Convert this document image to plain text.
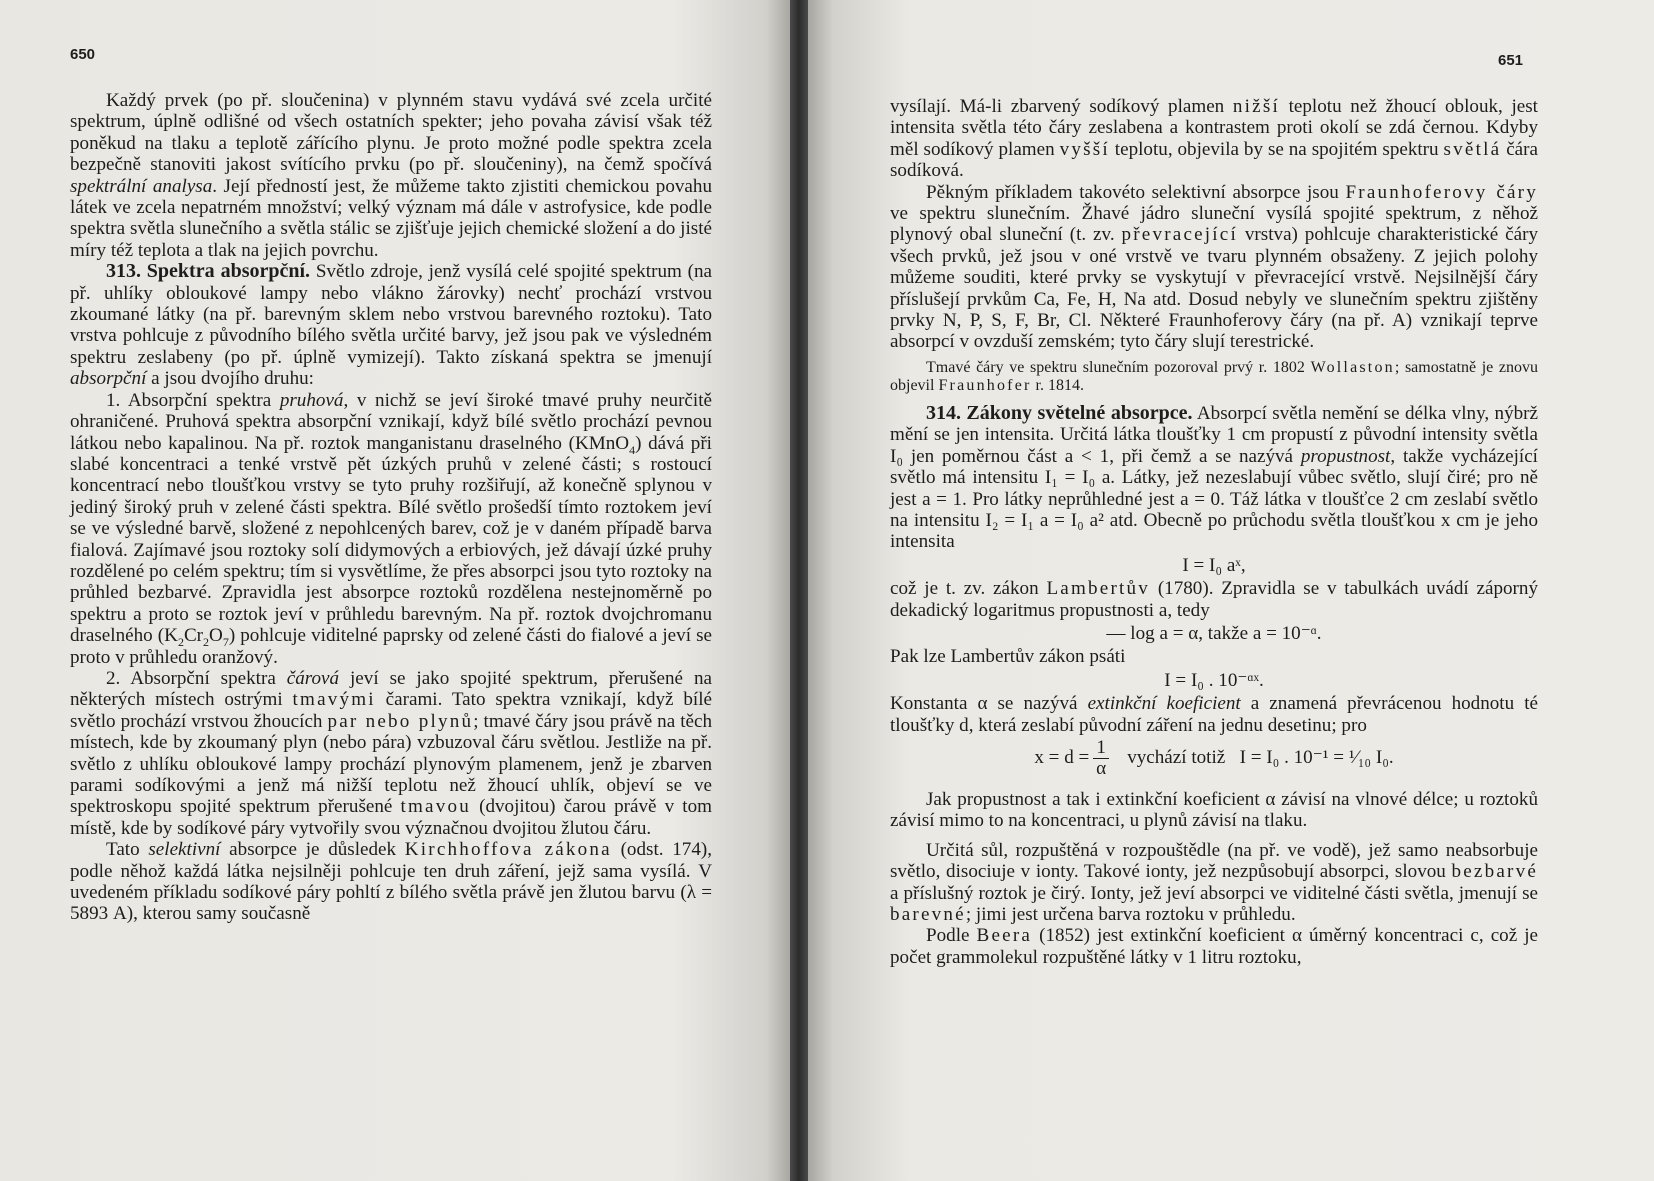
650

Každý prvek (po př. sloučenina) v plynném stavu vydává své zcela určité spektrum, úplně odlišné od všech ostatních spekter; jeho povaha závisí však též poněkud na tlaku a teplotě zářícího plynu. Je proto možné podle spektra zcela bezpečně stanoviti jakost svítícího prvku (po př. sloučeniny), na čemž spočívá spektrální analysa. Její předností jest, že můžeme takto zjistiti chemickou povahu látek ve zcela nepatrném množství; velký význam má dále v astrofysice, kde podle spektra světla slunečního a světla stálic se zjišťuje jejich chemické složení a do jisté míry též teplota a tlak na jejich povrchu.

313. Spektra absorpční. Světlo zdroje, jenž vysílá celé spojité spektrum (na př. uhlíky obloukové lampy nebo vlákno žárovky) nechť prochází vrstvou zkoumané látky (na př. barevným sklem nebo vrstvou barevného roztoku). Tato vrstva pohlcuje z původního bílého světla určité barvy, jež jsou pak ve výsledném spektru zeslabeny (po př. úplně vymizejí). Takto získaná spektra se jmenují absorpční a jsou dvojího druhu:

1. Absorpční spektra pruhová, v nichž se jeví široké tmavé pruhy neurčitě ohraničené. Pruhová spektra absorpční vznikají, když bílé světlo prochází pevnou látkou nebo kapalinou. Na př. roztok manganistanu draselného (KMnO$_4$) dává při slabé koncentraci a tenké vrstvě pět úzkých pruhů v zelené části; s rostoucí koncentrací nebo tloušťkou vrstvy se tyto pruhy rozšiřují, až konečně splynou v jediný široký pruh v zelené části spektra. Bílé světlo prošedší tímto roztokem jeví se ve výsledné barvě, složené z nepohlcených barev, což je v daném případě barva fialová. Zajímavé jsou roztoky solí didymových a erbiových, jež dávají úzké pruhy rozdělené po celém spektru; tím si vysvětlíme, že přes absorpci jsou tyto roztoky na průhled bezbarvé. Zpravidla jest absorpce roztoků rozdělena nestejnoměrně po spektru a proto se roztok jeví v průhledu barevným. Na př. roztok dvojchromanu draselného $(K_2Cr_2O_7)$ pohlcuje viditelné paprsky od zelené části do fialové a jeví se proto v průhledu oranžový.

2. Absorpční spektra čárová jeví se jako spojité spektrum, přerušené na některých místech ostrými tmavými čarami. Tato spektra vznikají, když bílé světlo prochází vrstvou žhoucích par nebo plynů; tmavé čáry jsou právě na těch místech, kde by zkoumaný plyn (nebo pára) vzbuzoval čáru světlou. Jestliže na př. světlo z uhlíku obloukové lampy prochází plynovým plamenem, jenž je zbarven parami sodíkovými a jenž má nižší teplotu než žhoucí uhlík, objeví se ve spektroskopu spojité spektrum přerušené tmavou (dvojitou) čarou právě v tom místě, kde by sodíkové páry vytvořily svou význačnou dvojitou žlutou čáru.

Tato selektivní absorpce je důsledek Kirchhoffova zákona (odst. 174), podle něhož každá látka nejsilněji pohlcuje ten druh záření, jejž sama vysílá. V uvedeném příkladu sodíkové páry pohltí z bílého světla právě jen žlutou barvu (λ = 5893 A), kterou samy současně

651

vysílají. Má-li zbarvený sodíkový plamen nižší teplotu než žhoucí oblouk, jest intensita světla této čáry zeslabena a kontrastem proti okolí se zdá černou. Kdyby měl sodíkový plamen vyšší teplotu, objevila by se na spojitém spektru světlá čára sodíková.

Pěkným příkladem takovéto selektivní absorpce jsou Fraunhoferovy čáry ve spektru slunečním. Žhavé jádro sluneční vysílá spojité spektrum, z něhož plynový obal sluneční (t. zv. převracející vrstva) pohlcuje charakteristické čáry všech prvků, jež jsou v oné vrstvě ve tvaru plynném obsaženy. Z jejich polohy můžeme souditi, které prvky se vyskytují v převracející vrstvě. Nejsilnější čáry příslušejí prvkům Ca, Fe, H, Na atd. Dosud nebyly ve slunečním spektru zjištěny prvky N, P, S, F, Br, Cl. Některé Fraunhoferovy čáry (na př. A) vznikají teprve absorpcí v ovzduší zemském; tyto čáry slují terestrické.

Tmavé čáry ve spektru slunečním pozoroval prvý r. 1802 Wollaston; samostatně je znovu objevil Fraunhofer r. 1814.

314. Zákony světelné absorpce. Absorpcí světla nemění se délka vlny, nýbrž mění se jen intensita. Určitá látka tloušťky 1 cm propustí z původní intensity světla I₀ jen poměrnou část a < 1, při čemž a se nazývá propustnost, takže vycházející světlo má intensitu I₁ = I₀ a. Látky, jež nezeslabují vůbec světlo, slují čiré; pro ně jest a = 1. Pro látky neprůhledné jest a = 0. Táž látka v tloušťce 2 cm zeslabí světlo na intensitu I₂ = I₁ a = I₀ a² atd. Obecně po průchodu světla tloušťkou x cm je jeho intensita

I = I₀ aˣ,

což je t. zv. zákon Lambertův (1780). Zpravidla se v tabulkách uvádí záporný dekadický logaritmus propustnosti a, tedy

— log a = α, takže a = 10⁻ᵅ.

Pak lze Lambertův zákon psáti

I = I₀ . 10⁻ᵅˣ.

Konstanta α se nazývá extinkční koeficient a znamená převrácenou hodnotu té tloušťky d, která zeslabí původní záření na jednu desetinu; pro

$x = d = \frac{1}{\alpha}$ vychází totiž I = I₀ . 10⁻¹ = ¹⁄₁₀ I₀.

Jak propustnost a tak i extinkční koeficient α závisí na vlnové délce; u roztoků závisí mimo to na koncentraci, u plynů závisí na tlaku.

Určitá sůl, rozpuštěná v rozpouštědle (na př. ve vodě), jež samo neabsorbuje světlo, disociuje v ionty. Takové ionty, jež nezpůsobují absorpci, slovou bezbarvé a příslušný roztok je čirý. Ionty, jež jeví absorpci ve viditelné části světla, jmenují se barevné; jimi jest určena barva roztoku v průhledu.

Podle Beera (1852) jest extinkční koeficient α úměrný koncentraci c, což je počet grammolekul rozpuštěné látky v 1 litru roztoku,
